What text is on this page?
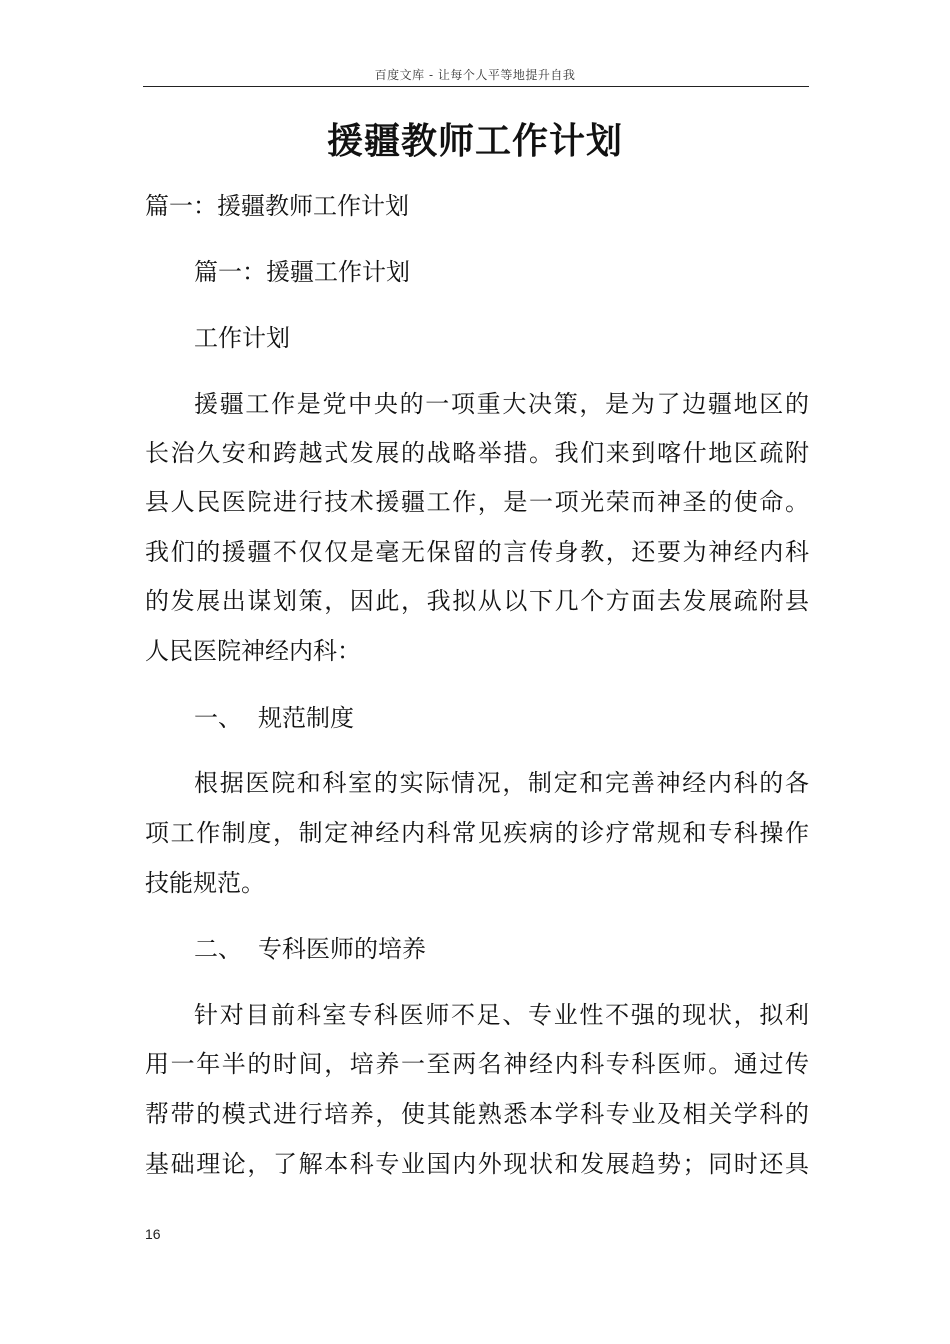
百度文库 - 让每个人平等地提升自我
援疆教师工作计划
篇一：援疆教师工作计划
篇一：援疆工作计划
工作计划
援疆工作是党中央的一项重大决策，是为了边疆地区的
长治久安和跨越式发展的战略举措。我们来到喀什地区疏附
县人民医院进行技术援疆工作，是一项光荣而神圣的使命。
我们的援疆不仅仅是毫无保留的言传身教，还要为神经内科
的发展出谋划策，因此，我拟从以下几个方面去发展疏附县
人民医院神经内科：
一、 规范制度
根据医院和科室的实际情况，制定和完善神经内科的各
项工作制度，制定神经内科常见疾病的诊疗常规和专科操作
技能规范。
二、 专科医师的培养
针对目前科室专科医师不足、专业性不强的现状，拟利
用一年半的时间，培养一至两名神经内科专科医师。通过传
帮带的模式进行培养，使其能熟悉本学科专业及相关学科的
基础理论，了解本科专业国内外现状和发展趋势；同时还具
16
